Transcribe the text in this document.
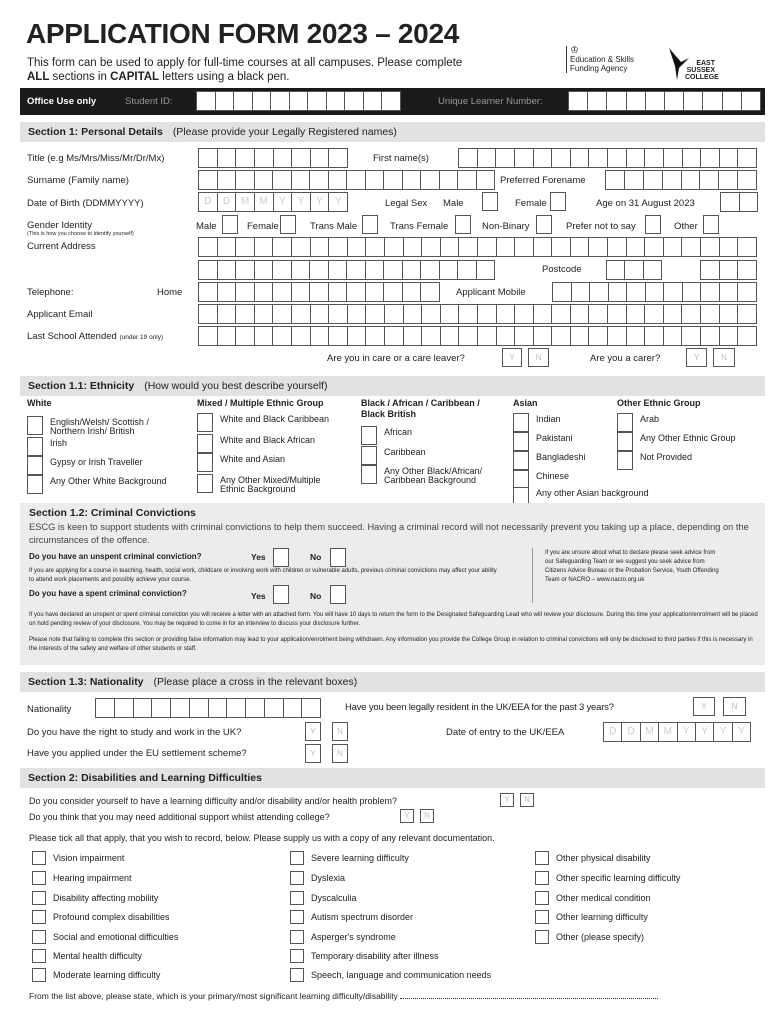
APPLICATION FORM 2023 – 2024
This form can be used to apply for full-time courses at all campuses. Please complete
ALL sections in CAPITAL letters using a black pen.
♔
Education & Skills Funding Agency
EAST SUSSEX COLLEGE
Office Use only	Student ID:	Unique Learner Number:
Section 1: Personal Details (Please provide your Legally Registered names)
Title (e.g Ms/Mrs/Miss/Mr/Dr/Mx)	First name(s)
Surname (Family name)	Preferred Forename
Date of Birth (DDMMYYYY)	D	D	M	M	Y	Y	Y	Y	Legal Sex Male	Female	Age on 31 August 2023
Gender Identity
(This is how you choose to identify yourself)
Male	Female	Trans Male	Trans Female	Non-Binary	Prefer not to say	Other
Current Address
Postcode
Telephone:	Home	Applicant Mobile
Applicant Email
Last School Attended (under 19 only)
Are you in care or a care leaver?	Y	N	Are you a carer?	Y	N
Section 1.1: Ethnicity (How would you best describe yourself)
White
English/Welsh/ Scottish / Northern Irish/ British
Irish
Gypsy or Irish Traveller
Any Other White Background
Mixed / Multiple Ethnic Group
White and Black Caribbean
White and Black African
White and Asian
Any Other Mixed/Multiple Ethnic Background
Black / African / Caribbean / Black British
African
Caribbean
Any Other Black/African/ Caribbean Background
Asian
Indian
Pakistani
Bangladeshi
Chinese
Any other Asian background
Other Ethnic Group
Arab
Any Other Ethnic Group
Not Provided
Section 1.2: Criminal Convictions
ESCG is keen to support students with criminal convictions to help them succeed. Having a criminal record will not necessarily prevent you taking up a place, depending on the circumstances of the offence.
Do you have an unspent criminal conviction?	Yes	No
If you are applying for a course in teaching, health, social work, childcare or involving work with children or vulnerable adults, previous criminal convictions may affect your ability to attend work placements and possibly achieve your course.
Do you have a spent criminal conviction?	Yes	No
If you are unsure about what to declare please seek advice from our Safeguarding Team or we suggest you seek advice from Citizens Advice Bureau or the Probation Service, Youth Offending Team or NACRO – www.nacro.org.uk
If you have declared an unspent or spent criminal conviction you will receive a letter with an attached form. You will have 10 days to return the form to the Designated Safeguarding Lead who will review your disclosure. During this time your application/enrolment will be placed on hold pending review of your disclosure. You may be required to come in for an interview to discuss your disclosure further.
Please note that failing to complete this section or providing false information may lead to your application/enrolment being withdrawn. Any information you provide the College Group in relation to criminal convictions will only be disclosed to third parties if this is necessary in the interests of the safety and welfare of other students or staff.
Section 1.3: Nationality (Please place a cross in the relevant boxes)
Nationality	Have you been legally resident in the UK/EEA for the past 3 years?	Y	N
Do you have the right to study and work in the UK?	Y	N	Date of entry to the UK/EEA	D	D	M	M	Y	Y	Y	Y
Have you applied under the EU settlement scheme?	Y	N
Section 2: Disabilities and Learning Difficulties
Do you consider yourself to have a learning difficulty and/or disability and/or health problem?	Y	N
Do you think that you may need additional support whilst attending college?	Y	N
Please tick all that apply, that you wish to record, below. Please supply us with a copy of any relevant documentation.
Vision impairment
Hearing impairment
Disability affecting mobility
Profound complex disabilities
Social and emotional difficulties
Mental health difficulty
Moderate learning difficulty
Severe learning difficulty
Dyslexia
Dyscalculia
Autism spectrum disorder
Asperger's syndrome
Temporary disability after illness
Speech, language and communication needs
Other physical disability
Other specific learning difficulty
Other medical condition
Other learning difficulty
Other (please specify)
From the list above, please state, which is your primary/most significant learning difficulty/disability
